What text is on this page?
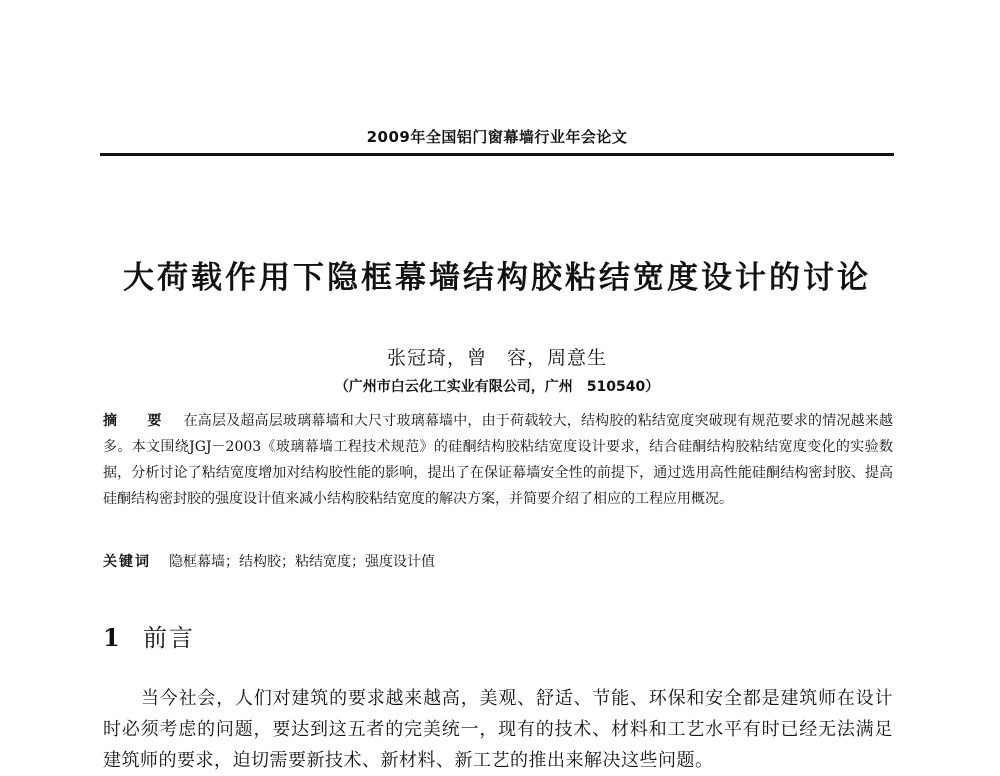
2009年全国铝门窗幕墙行业年会论文
大荷载作用下隐框幕墙结构胶粘结宽度设计的讨论
张冠琦，曾　容，周意生
（广州市白云化工实业有限公司，广州　510540）
摘　要 在高层及超高层玻璃幕墙和大尺寸玻璃幕墙中，由于荷载较大，结构胶的粘结宽度突破现有规范要求的情况越来越多。本文围绕JGJ－2003《玻璃幕墙工程技术规范》的硅酮结构胶粘结宽度设计要求，结合硅酮结构胶粘结宽度变化的实验数据，分析讨论了粘结宽度增加对结构胶性能的影响，提出了在保证幕墙安全性的前提下，通过选用高性能硅酮结构密封胶、提高硅酮结构密封胶的强度设计值来减小结构胶粘结宽度的解决方案，并简要介绍了相应的工程应用概况。
关键词 隐框幕墙；结构胶；粘结宽度；强度设计值
1 前言
当今社会，人们对建筑的要求越来越高，美观、舒适、节能、环保和安全都是建筑师在设计时必须考虑的问题，要达到这五者的完美统一，现有的技术、材料和工艺水平有时已经无法满足建筑师的要求，迫切需要新技术、新材料、新工艺的推出来解决这些问题。
